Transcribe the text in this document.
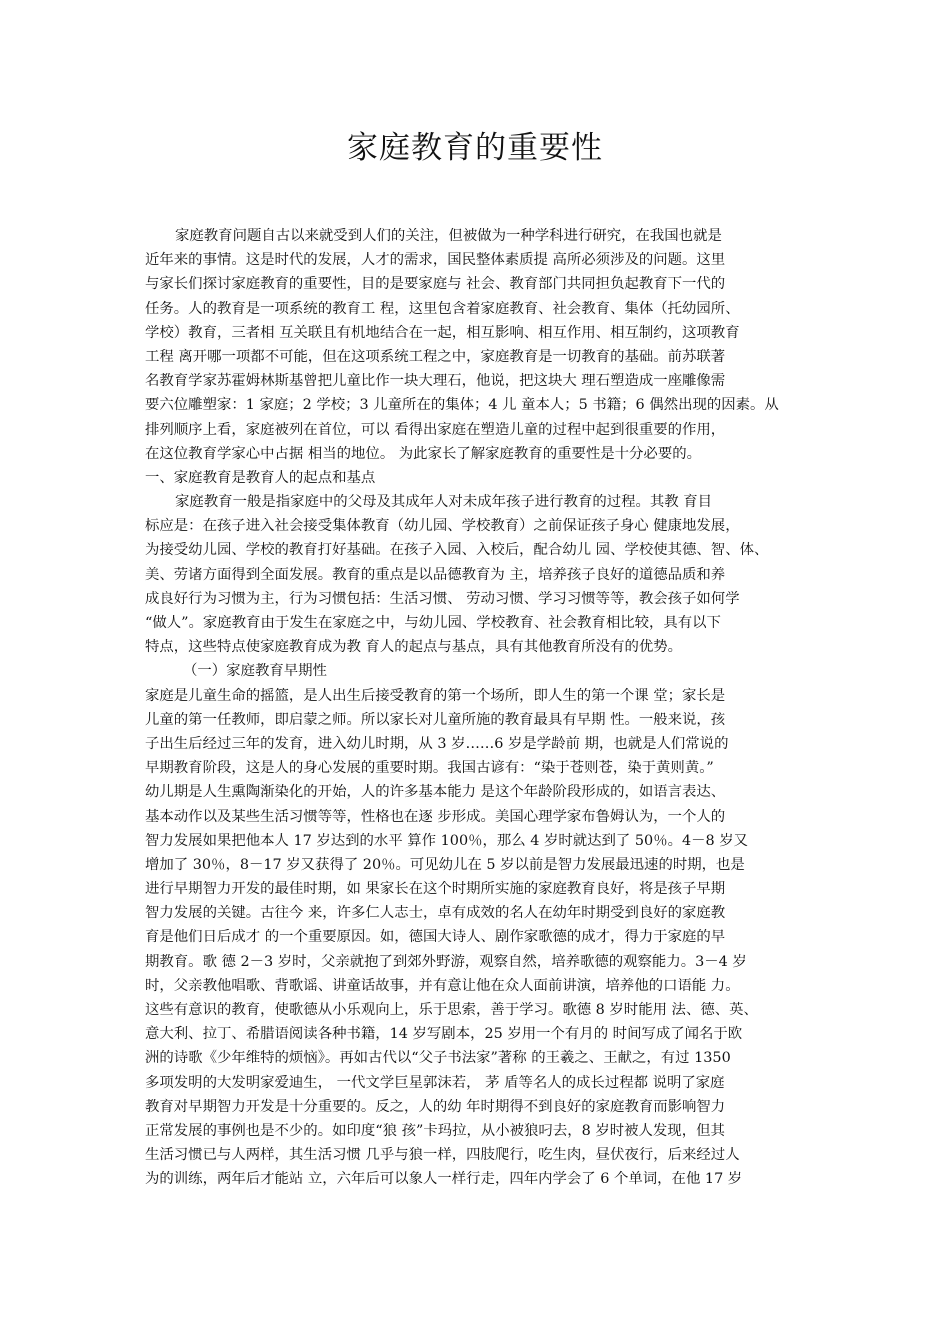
家庭教育的重要性
家庭教育问题自古以来就受到人们的关注，但被做为一种学科进行研究，在我国也就是
近年来的事情。这是时代的发展，人才的需求，国民整体素质提 高所必须涉及的问题。这里
与家长们探讨家庭教育的重要性，目的是要家庭与 社会、教育部门共同担负起教育下一代的
任务。人的教育是一项系统的教育工 程，这里包含着家庭教育、社会教育、集体（托幼园所、
学校）教育，三者相 互关联且有机地结合在一起，相互影响、相互作用、相互制约，这项教育
工程 离开哪一项都不可能，但在这项系统工程之中，家庭教育是一切教育的基础。前苏联著
名教育学家苏霍姆林斯基曾把儿童比作一块大理石，他说，把这块大 理石塑造成一座雕像需
要六位雕塑家：1 家庭；2 学校；3 儿童所在的集体；4 儿 童本人；5 书籍；6 偶然出现的因素。从
排列顺序上看，家庭被列在首位，可以 看得出家庭在塑造儿童的过程中起到很重要的作用，
在这位教育学家心中占据 相当的地位。 为此家长了解家庭教育的重要性是十分必要的。
一、家庭教育是教育人的起点和基点
家庭教育一般是指家庭中的父母及其成年人对未成年孩子进行教育的过程。其教 育目
标应是：在孩子进入社会接受集体教育（幼儿园、学校教育）之前保证孩子身心 健康地发展，
为接受幼儿园、学校的教育打好基础。在孩子入园、入校后，配合幼儿 园、学校使其德、智、体、
美、劳诸方面得到全面发展。教育的重点是以品德教育为 主，培养孩子良好的道德品质和养
成良好行为习惯为主，行为习惯包括：生活习惯、 劳动习惯、学习习惯等等，教会孩子如何学
“做人”。家庭教育由于发生在家庭之中，与幼儿园、学校教育、社会教育相比较，具有以下
特点，这些特点使家庭教育成为教 育人的起点与基点，具有其他教育所没有的优势。
（一）家庭教育早期性
家庭是儿童生命的摇篮，是人出生后接受教育的第一个场所，即人生的第一个课 堂；家长是
儿童的第一任教师，即启蒙之师。所以家长对儿童所施的教育最具有早期 性。一般来说，孩
子出生后经过三年的发育，进入幼儿时期，从 3 岁……6 岁是学龄前 期，也就是人们常说的
早期教育阶段，这是人的身心发展的重要时期。我国古谚有：“染于苍则苍，染于黄则黄。”
幼儿期是人生熏陶渐染化的开始，人的许多基本能力 是这个年龄阶段形成的，如语言表达、
基本动作以及某些生活习惯等等，性格也在逐 步形成。美国心理学家布鲁姆认为，一个人的
智力发展如果把他本人 17 岁达到的水平 算作 100％，那么 4 岁时就达到了 50％。4－8 岁又
增加了 30％，8－17 岁又获得了 20％。可见幼儿在 5 岁以前是智力发展最迅速的时期，也是
进行早期智力开发的最佳时期，如 果家长在这个时期所实施的家庭教育良好，将是孩子早期
智力发展的关键。古往今 来，许多仁人志士，卓有成效的名人在幼年时期受到良好的家庭教
育是他们日后成才 的一个重要原因。如，德国大诗人、剧作家歌德的成才，得力于家庭的早
期教育。歌 德 2－3 岁时，父亲就抱了到郊外野游，观察自然，培养歌德的观察能力。3－4 岁
时，父亲教他唱歌、背歌谣、讲童话故事，并有意让他在众人面前讲演，培养他的口语能 力。
这些有意识的教育，使歌德从小乐观向上，乐于思索，善于学习。歌德 8 岁时能用 法、德、英、
意大利、拉丁、希腊语阅读各种书籍，14 岁写剧本，25 岁用一个有月的 时间写成了闻名于欧
洲的诗歌《少年维特的烦恼》。再如古代以“父子书法家”著称 的王羲之、王献之，有过 1350
多项发明的大发明家爱迪生， 一代文学巨星郭沫若， 茅 盾等名人的成长过程都 说明了家庭
教育对早期智力开发是十分重要的。反之，人的幼 年时期得不到良好的家庭教育而影响智力
正常发展的事例也是不少的。如印度“狼 孩”卡玛拉，从小被狼叼去，8 岁时被人发现，但其
生活习惯已与人两样，其生活习惯 几乎与狼一样，四肢爬行，吃生肉，昼伏夜行，后来经过人
为的训练，两年后才能站 立，六年后可以象人一样行走，四年内学会了 6 个单词，在他 17 岁
